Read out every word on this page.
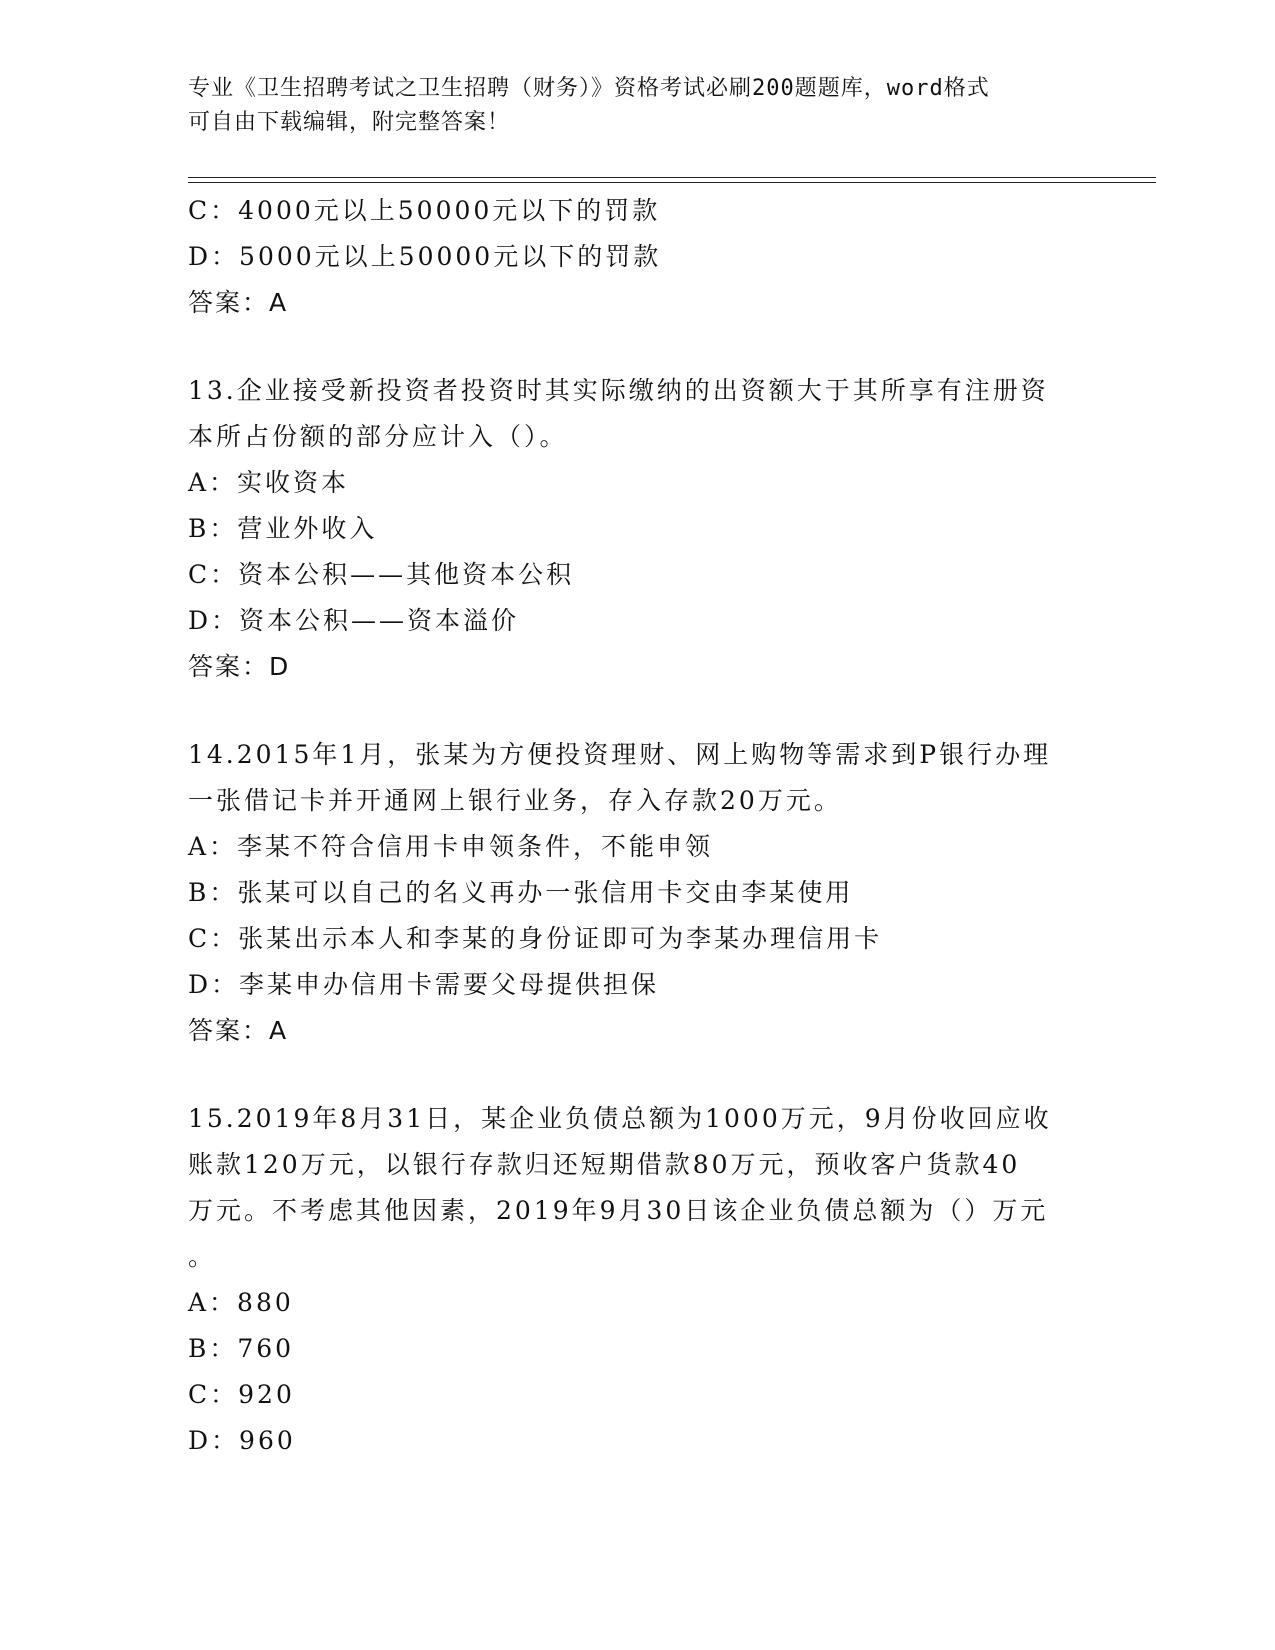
专业《卫生招聘考试之卫生招聘（财务）》资格考试必刷200题题库，word格式
可自由下载编辑，附完整答案！
C：4000元以上50000元以下的罚款
D：5000元以上50000元以下的罚款
答案：A
13.企业接受新投资者投资时其实际缴纳的出资额大于其所享有注册资
本所占份额的部分应计入（）。
A：实收资本
B：营业外收入
C：资本公积——其他资本公积
D：资本公积——资本溢价
答案：D
14.2015年1月，张某为方便投资理财、网上购物等需求到P银行办理
一张借记卡并开通网上银行业务，存入存款20万元。
A：李某不符合信用卡申领条件，不能申领
B：张某可以自己的名义再办一张信用卡交由李某使用
C：张某出示本人和李某的身份证即可为李某办理信用卡
D：李某申办信用卡需要父母提供担保
答案：A
15.2019年8月31日，某企业负债总额为1000万元，9月份收回应收
账款120万元，以银行存款归还短期借款80万元，预收客户货款40
万元。不考虑其他因素，2019年9月30日该企业负债总额为（）万元
。
A：880
B：760
C：920
D：960
